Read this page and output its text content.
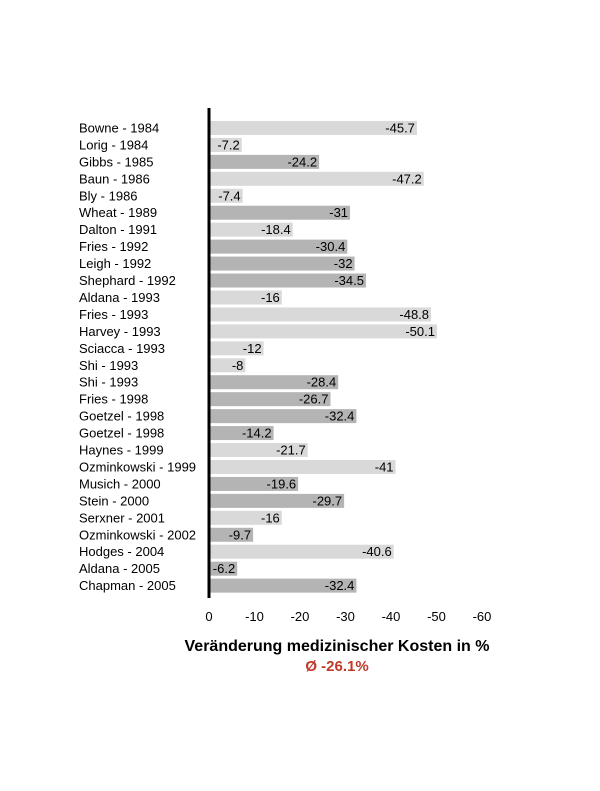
Bowne - 1984
Lorig - 1984
Gibbs - 1985
Baun - 1986
Bly - 1986
Wheat - 1989
Dalton - 1991
Fries - 1992
Leigh - 1992
Shephard - 1992
Aldana - 1993
Fries - 1993
Harvey - 1993
Sciacca - 1993
Shi - 1993
Shi - 1993
Fries - 1998
Goetzel - 1998
Goetzel - 1998
Haynes - 1999
Ozminkowski - 1999
Musich - 2000
Stein - 2000
Serxner - 2001
Ozminkowski - 2002
Hodges - 2004
Aldana - 2005
Chapman - 2005
-45.7
-7.2
-24.2
-47.2
-7.4
-31
-18.4
-30.4
-32
-34.5
-16
-48.8
-50.1
-12
-8
-28.4
-26.7
-32.4
-14.2
-21.7
-41
-19.6
-29.7
-16
-9.7
-40.6
-6.2
-32.4
0 -10 -20 -30 -40 -50 -60
Veränderung medizinischer Kosten in %
Ø -26.1%
